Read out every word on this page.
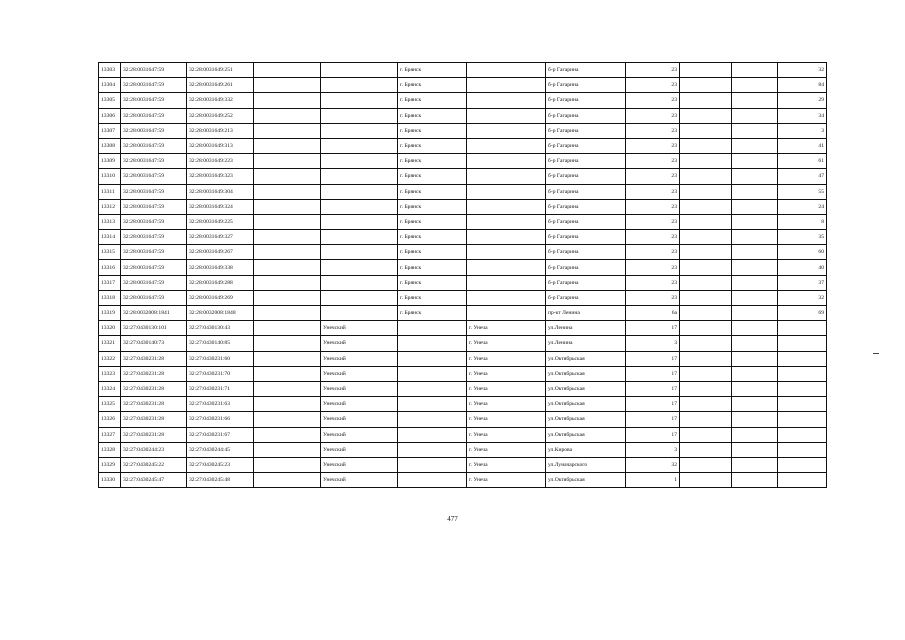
13303	32:28:0031647:59	32:28:0031649:251			г. Брянск		б-р Гагарина	23			32
13304	32:28:0031647:59	32:28:0031649:261			г. Брянск		б-р Гагарина	23			84
13305	32:28:0031647:59	32:28:0031649:332			г. Брянск		б-р Гагарина	23			29
13306	32:28:0031647:59	32:28:0031649:252			г. Брянск		б-р Гагарина	23			34
13307	32:28:0031647:59	32:28:0031649:213			г. Брянск		б-р Гагарина	23			3
13308	32:28:0031647:59	32:28:0031649:313			г. Брянск		б-р Гагарина	23			41
13309	32:28:0031647:59	32:28:0031649:223			г. Брянск		б-р Гагарина	23			61
13310	32:28:0031647:59	32:28:0031649:323			г. Брянск		б-р Гагарина	23			47
13311	32:28:0031647:59	32:28:0031649:304			г. Брянск		б-р Гагарина	23			55
13312	32:28:0031647:59	32:28:0031649:324			г. Брянск		б-р Гагарина	23			24
13313	32:28:0031647:59	32:28:0031649:225			г. Брянск		б-р Гагарина	23			8
13314	32:28:0031647:59	32:28:0031649:327			г. Брянск		б-р Гагарина	23			35
13315	32:28:0031647:59	32:28:0031649:267			г. Брянск		б-р Гагарина	23			60
13316	32:28:0031647:59	32:28:0031649:338			г. Брянск		б-р Гагарина	23			40
13317	32:28:0031647:59	32:28:0031649:288			г. Брянск		б-р Гагарина	23			37
13318	32:28:0031647:59	32:28:0031649:269			г. Брянск		б-р Гагарина	23			32
13319	32:28:0032008:1841	32:28:0032008:1848			г. Брянск		пр-кт Ленина	6а			69
13320	32:27:0430130:101	32:27:0430130:43		Унечский		г. Унеча	ул.Ленина	17			
13321	32:27:0430140:73	32:27:0430140:85		Унечский		г. Унеча	ул.Ленина	3			
13322	32:27:0430231:28	32:27:0430231:60		Унечский		г. Унеча	ул.Октябрьская	17			
13323	32:27:0430231:28	32:27:0430231:70		Унечский		г. Унеча	ул.Октябрьская	17			
13324	32:27:0430231:28	32:27:0430231:71		Унечский		г. Унеча	ул.Октябрьская	17			
13325	32:27:0430231:28	32:27:0430231:63		Унечский		г. Унеча	ул.Октябрьская	17			
13326	32:27:0430231:28	32:27:0430231:66		Унечский		г. Унеча	ул.Октябрьская	17			
13327	32:27:0430231:28	32:27:0430231:67		Унечский		г. Унеча	ул.Октябрьская	17			
13328	32:27:0430244:23	32:27:0430244:45		Унечский		г. Унеча	ул.Кирова	3			
13329	32:27:0430245:22	32:27:0430245:23		Унечский		г. Унеча	ул.Луначарского	32			
13330	32:27:0430245:47	32:27:0430245:48		Унечский		г. Унеча	ул.Октябрьская	1			
477
